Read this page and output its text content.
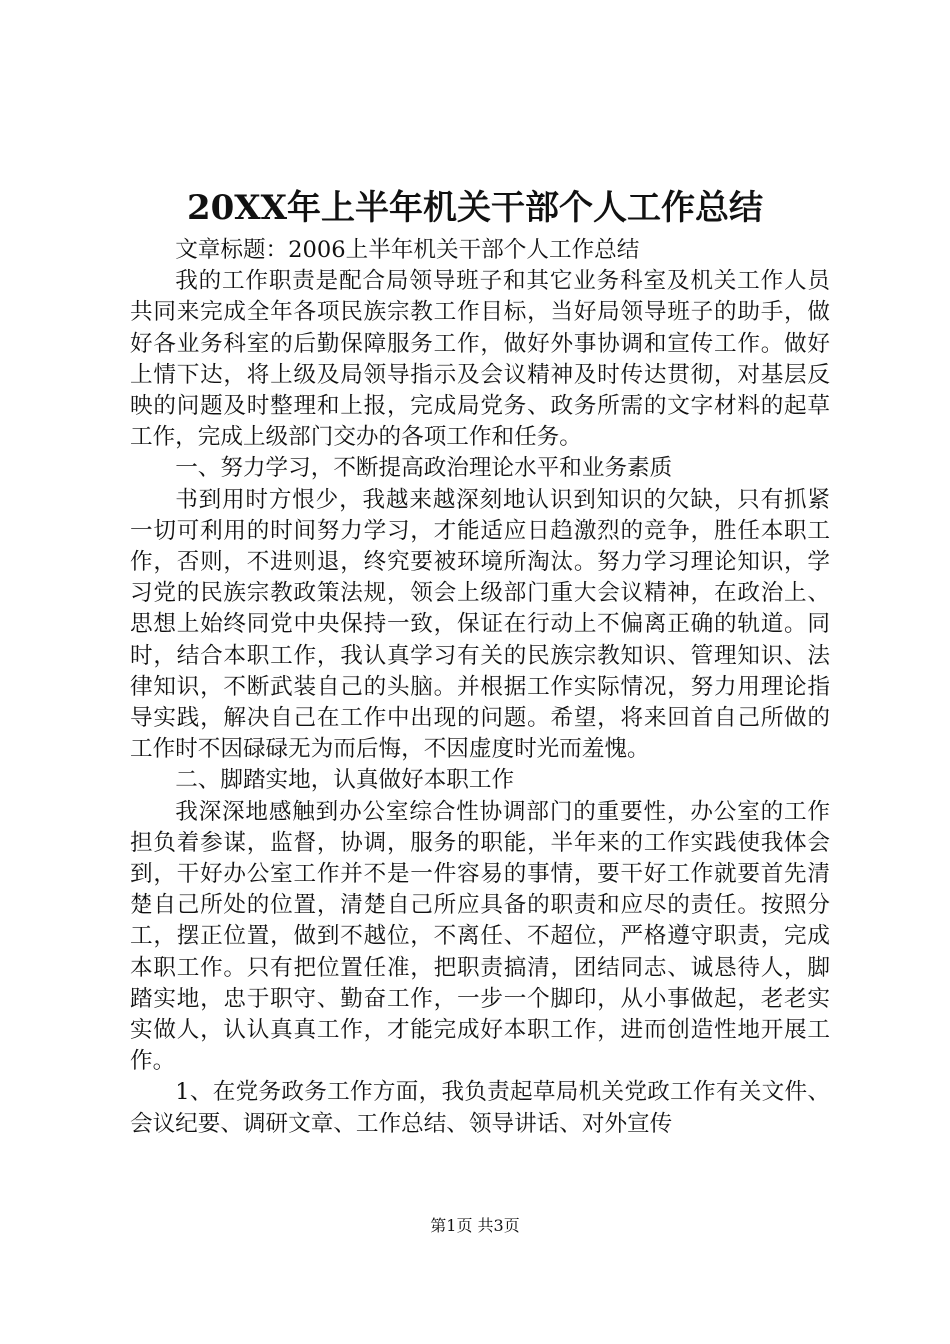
20XX年上半年机关干部个人工作总结

文章标题：2006上半年机关干部个人工作总结

我的工作职责是配合局领导班子和其它业务科室及机关工作人员共同来完成全年各项民族宗教工作目标，当好局领导班子的助手，做好各业务科室的后勤保障服务工作，做好外事协调和宣传工作。做好上情下达，将上级及局领导指示及会议精神及时传达贯彻，对基层反映的问题及时整理和上报，完成局党务、政务所需的文字材料的起草工作，完成上级部门交办的各项工作和任务。

一、努力学习，不断提高政治理论水平和业务素质

书到用时方恨少，我越来越深刻地认识到知识的欠缺，只有抓紧一切可利用的时间努力学习，才能适应日趋激烈的竞争，胜任本职工作，否则，不进则退，终究要被环境所淘汰。努力学习理论知识，学习党的民族宗教政策法规，领会上级部门重大会议精神，在政治上、思想上始终同党中央保持一致，保证在行动上不偏离正确的轨道。同时，结合本职工作，我认真学习有关的民族宗教知识、管理知识、法律知识，不断武装自己的头脑。并根据工作实际情况，努力用理论指导实践，解决自己在工作中出现的问题。希望，将来回首自己所做的工作时不因碌碌无为而后悔，不因虚度时光而羞愧。

二、脚踏实地，认真做好本职工作

我深深地感触到办公室综合性协调部门的重要性，办公室的工作担负着参谋，监督，协调，服务的职能，半年来的工作实践使我体会到，干好办公室工作并不是一件容易的事情，要干好工作就要首先清楚自己所处的位置，清楚自己所应具备的职责和应尽的责任。按照分工，摆正位置，做到不越位，不离任、不超位，严格遵守职责，完成本职工作。只有把位置任准，把职责搞清，团结同志、诚恳待人，脚踏实地，忠于职守、勤奋工作，一步一个脚印，从小事做起，老老实实做人，认认真真工作，才能完成好本职工作，进而创造性地开展工作。

1、在党务政务工作方面，我负责起草局机关党政工作有关文件、会议纪要、调研文章、工作总结、领导讲话、对外宣传

第1页 共3页
